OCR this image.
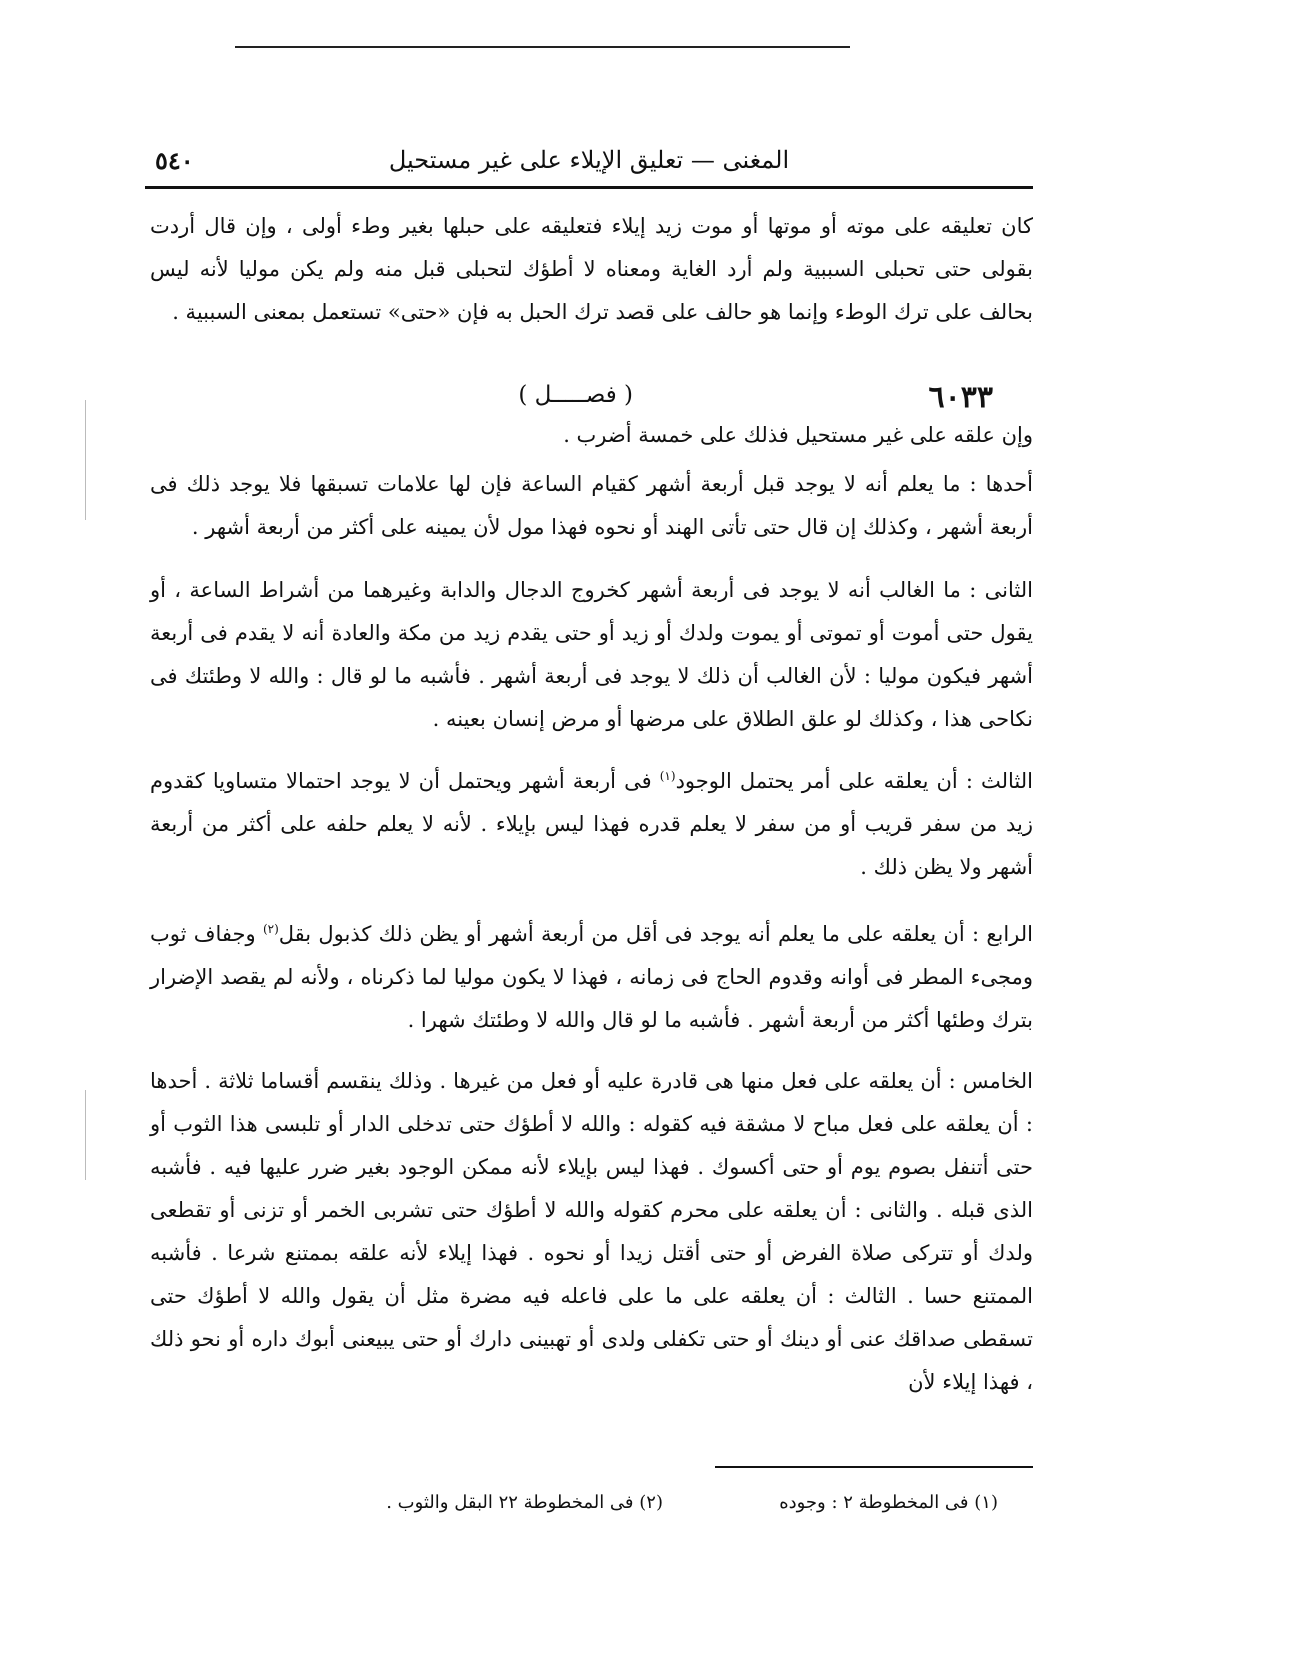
المغنى — تعليق الإيلاء على غير مستحيل
٥٤٠

كان تعليقه على موته أو موتها أو موت زيد إيلاء فتعليقه على حبلها بغير وطء أولى ، وإن قال أردت بقولى حتى تحبلى السببية ولم أرد الغاية ومعناه لا أطؤك لتحبلى قبل منه ولم يكن موليا لأنه ليس بحالف على ترك الوطء وإنما هو حالف على قصد ترك الحبل به فإن «حتى» تستعمل بمعنى السببية .

٦٠٣٣
( فصـــــل )

وإن علقه على غير مستحيل فذلك على خمسة أضرب .

أحدها : ما يعلم أنه لا يوجد قبل أربعة أشهر كقيام الساعة فإن لها علامات تسبقها فلا يوجد ذلك فى أربعة أشهر ، وكذلك إن قال حتى تأتى الهند أو نحوه فهذا مول لأن يمينه على أكثر من أربعة أشهر .

الثانى : ما الغالب أنه لا يوجد فى أربعة أشهر كخروج الدجال والدابة وغيرهما من أشراط الساعة ، أو يقول حتى أموت أو تموتى أو يموت ولدك أو زيد أو حتى يقدم زيد من مكة والعادة أنه لا يقدم فى أربعة أشهر فيكون موليا : لأن الغالب أن ذلك لا يوجد فى أربعة أشهر . فأشبه ما لو قال : والله لا وطئتك فى نكاحى هذا ، وكذلك لو علق الطلاق على مرضها أو مرض إنسان بعينه .

الثالث : أن يعلقه على أمر يحتمل الوجود$^{(١)}$ فى أربعة أشهر ويحتمل أن لا يوجد احتمالا متساويا كقدوم زيد من سفر قريب أو من سفر لا يعلم قدره فهذا ليس بإيلاء . لأنه لا يعلم حلفه على أكثر من أربعة أشهر ولا يظن ذلك .

الرابع : أن يعلقه على ما يعلم أنه يوجد فى أقل من أربعة أشهر أو يظن ذلك كذبول بقل$^{(٢)}$ وجفاف ثوب ومجىء المطر فى أوانه وقدوم الحاج فى زمانه ، فهذا لا يكون موليا لما ذكرناه ، ولأنه لم يقصد الإضرار بترك وطئها أكثر من أربعة أشهر . فأشبه ما لو قال والله لا وطئتك شهرا .

الخامس : أن يعلقه على فعل منها هى قادرة عليه أو فعل من غيرها . وذلك ينقسم أقساما ثلاثة . أحدها : أن يعلقه على فعل مباح لا مشقة فيه كقوله : والله لا أطؤك حتى تدخلى الدار أو تلبسى هذا الثوب أو حتى أتنفل بصوم يوم أو حتى أكسوك . فهذا ليس بإيلاء لأنه ممكن الوجود بغير ضرر عليها فيه . فأشبه الذى قبله . والثانى : أن يعلقه على محرم كقوله والله لا أطؤك حتى تشربى الخمر أو تزنى أو تقطعى ولدك أو تتركى صلاة الفرض أو حتى أقتل زيدا أو نحوه . فهذا إيلاء لأنه علقه بممتنع شرعا . فأشبه الممتنع حسا . الثالث : أن يعلقه على ما على فاعله فيه مضرة مثل أن يقول والله لا أطؤك حتى تسقطى صداقك عنى أو دينك أو حتى تكفلى ولدى أو تهبينى دارك أو حتى يبيعنى أبوك داره أو نحو ذلك ، فهذا إيلاء لأن

(١) فى المخطوطة ٢ : وجوده
(٢) فى المخطوطة ٢٢ البقل والثوب .
